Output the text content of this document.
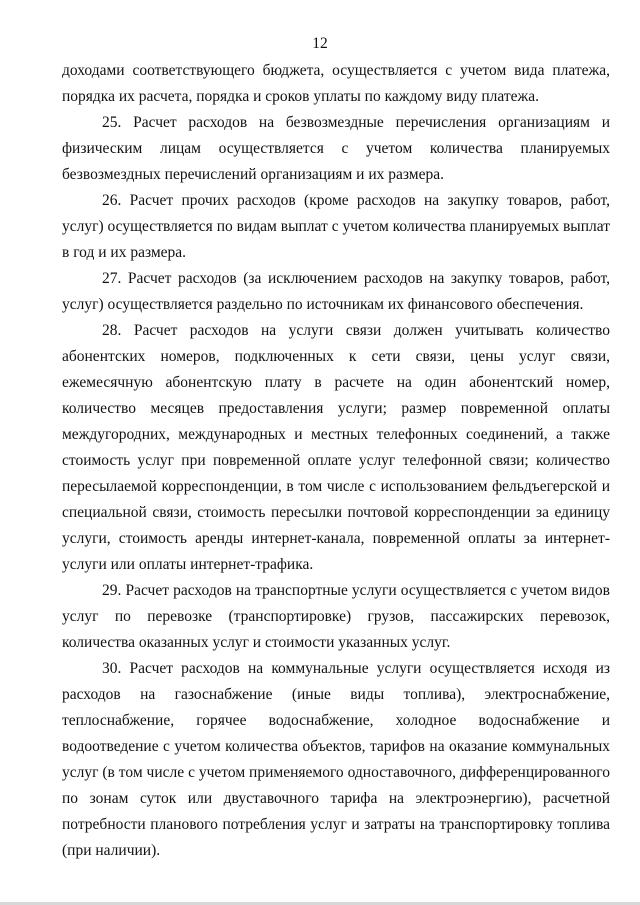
12

доходами соответствующего бюджета, осуществляется с учетом вида платежа, порядка их расчета, порядка и сроков уплаты по каждому виду платежа.

25. Расчет расходов на безвозмездные перечисления организациям и физическим лицам осуществляется с учетом количества планируемых безвозмездных перечислений организациям и их размера.

26. Расчет прочих расходов (кроме расходов на закупку товаров, работ, услуг) осуществляется по видам выплат с учетом количества планируемых выплат в год и их размера.

27. Расчет расходов (за исключением расходов на закупку товаров, работ, услуг) осуществляется раздельно по источникам их финансового обеспечения.

28. Расчет расходов на услуги связи должен учитывать количество абонентских номеров, подключенных к сети связи, цены услуг связи, ежемесячную абонентскую плату в расчете на один абонентский номер, количество месяцев предоставления услуги; размер повременной оплаты междугородних, международных и местных телефонных соединений, а также стоимость услуг при повременной оплате услуг телефонной связи; количество пересылаемой корреспонденции, в том числе с использованием фельдъегерской и специальной связи, стоимость пересылки почтовой корреспонденции за единицу услуги, стоимость аренды интернет-канала, повременной оплаты за интернет-услуги или оплаты интернет-трафика.

29. Расчет расходов на транспортные услуги осуществляется с учетом видов услуг по перевозке (транспортировке) грузов, пассажирских перевозок, количества оказанных услуг и стоимости указанных услуг.

30. Расчет расходов на коммунальные услуги осуществляется исходя из расходов на газоснабжение (иные виды топлива), электроснабжение, теплоснабжение, горячее водоснабжение, холодное водоснабжение и водоотведение с учетом количества объектов, тарифов на оказание коммунальных услуг (в том числе с учетом применяемого одноставочного, дифференцированного по зонам суток или двуставочного тарифа на электроэнергию), расчетной потребности планового потребления услуг и затраты на транспортировку топлива (при наличии).
